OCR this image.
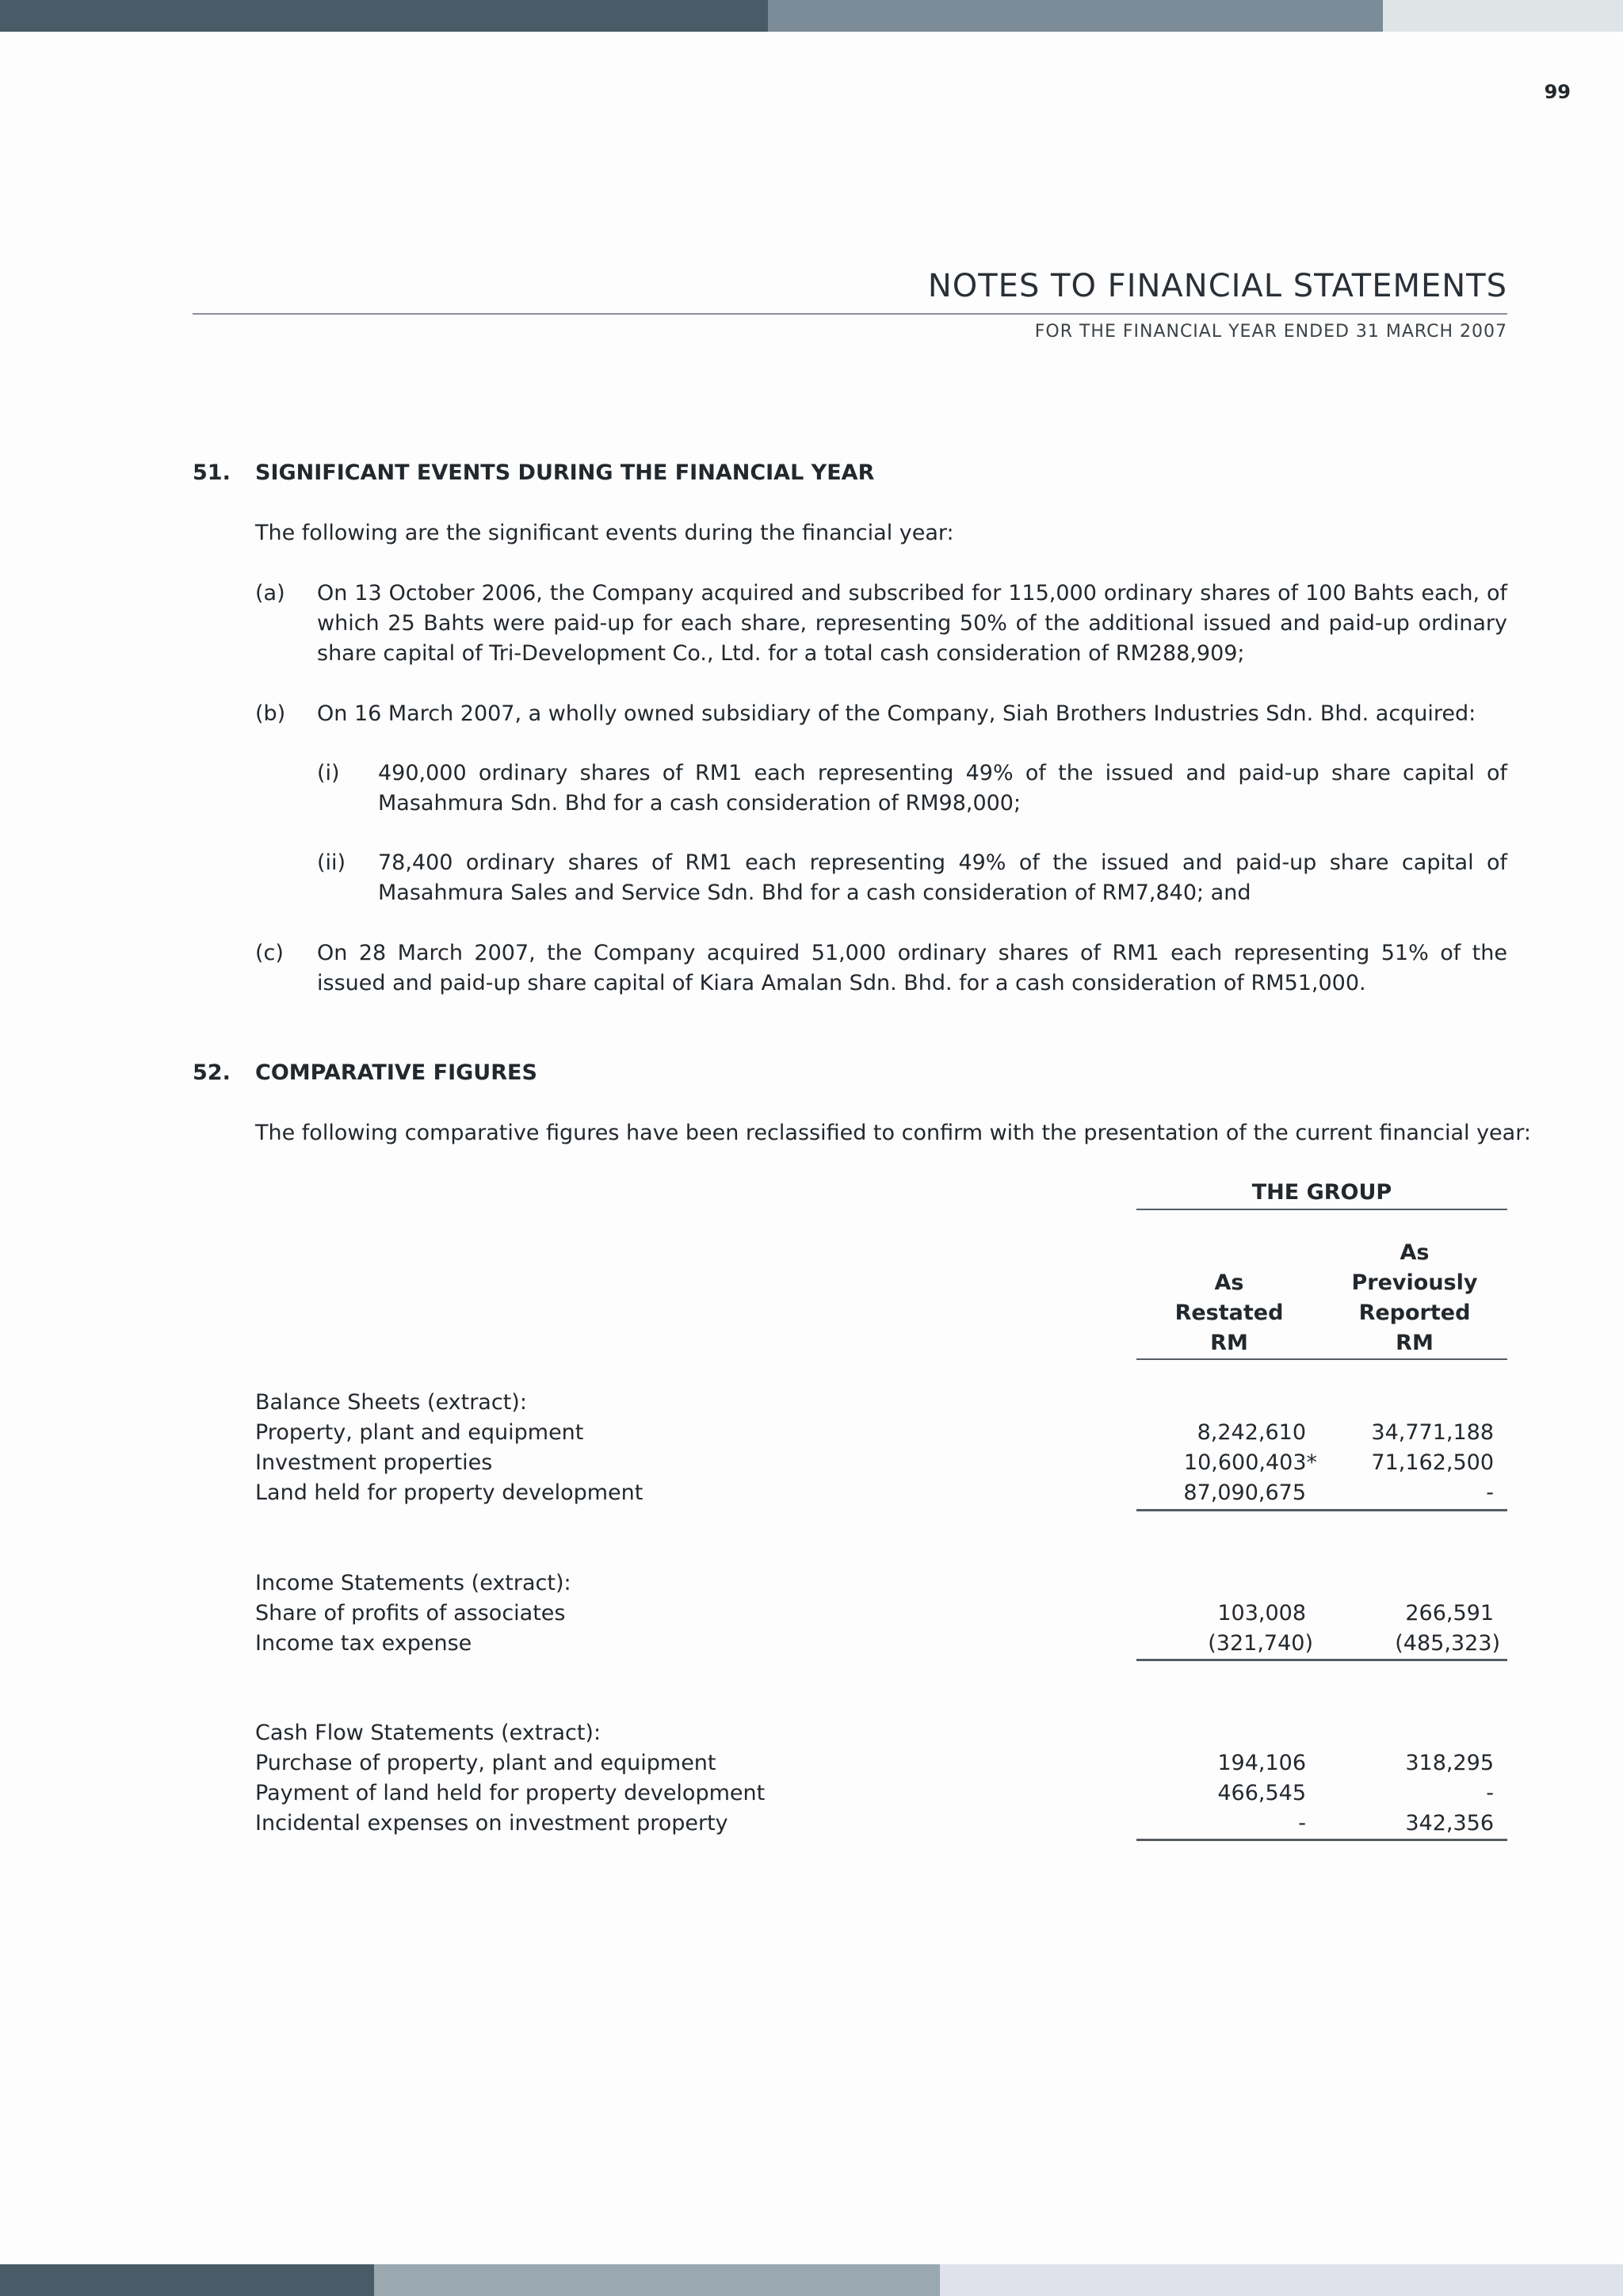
99
NOTES TO FINANCIAL STATEMENTS
FOR THE FINANCIAL YEAR ENDED 31 MARCH 2007
51. SIGNIFICANT EVENTS DURING THE FINANCIAL YEAR
The following are the significant events during the financial year:
(a) On 13 October 2006, the Company acquired and subscribed for 115,000 ordinary shares of 100 Bahts each, of which 25 Bahts were paid-up for each share, representing 50% of the additional issued and paid-up ordinary share capital of Tri-Development Co., Ltd. for a total cash consideration of RM288,909;
(b) On 16 March 2007, a wholly owned subsidiary of the Company, Siah Brothers Industries Sdn. Bhd. acquired:
(i) 490,000 ordinary shares of RM1 each representing 49% of the issued and paid-up share capital of Masahmura Sdn. Bhd for a cash consideration of RM98,000;
(ii) 78,400 ordinary shares of RM1 each representing 49% of the issued and paid-up share capital of Masahmura Sales and Service Sdn. Bhd for a cash consideration of RM7,840; and
(c) On 28 March 2007, the Company acquired 51,000 ordinary shares of RM1 each representing 51% of the issued and paid-up share capital of Kiara Amalan Sdn. Bhd. for a cash consideration of RM51,000.
52. COMPARATIVE FIGURES
The following comparative figures have been reclassified to confirm with the presentation of the current financial year:
THE GROUP
As
Restated
RM
As
Previously
Reported
RM
Balance Sheets (extract):
Property, plant and equipment	8,242,610	34,771,188
Investment properties	10,600,403*	71,162,500
Land held for property development	87,090,675	-
Income Statements (extract):
Share of profits of associates	103,008	266,591
Income tax expense	(321,740)	(485,323)
Cash Flow Statements (extract):
Purchase of property, plant and equipment	194,106	318,295
Payment of land held for property development	466,545	-
Incidental expenses on investment property	-	342,356
